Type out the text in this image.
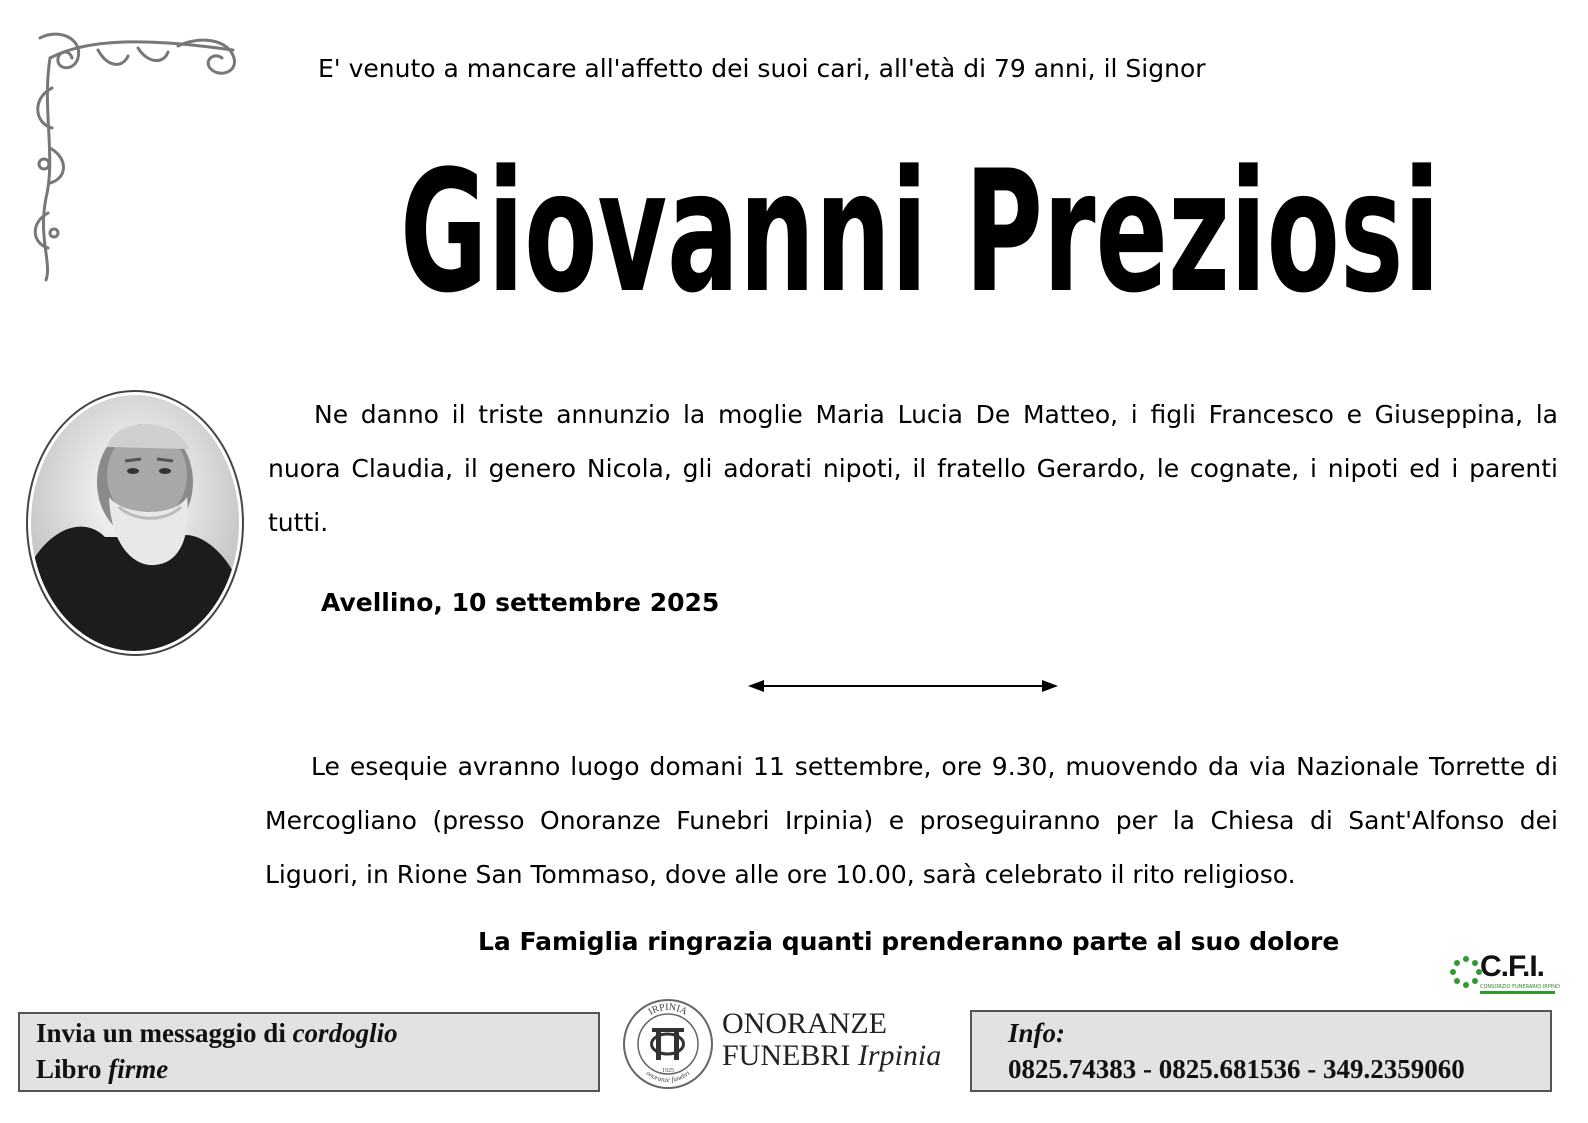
E' venuto a mancare all'affetto dei suoi cari, all'età di 79 anni, il Signor
Giovanni Preziosi
Ne danno il triste annunzio la moglie Maria Lucia De Matteo, i figli Francesco e Giuseppina, la nuora Claudia, il genero Nicola, gli adorati nipoti, il fratello Gerardo, le cognate, i nipoti ed i parenti tutti.
Avellino, 10 settembre 2025
Le esequie avranno luogo domani 11 settembre, ore 9.30, muovendo da via Nazionale Torrette di Mercogliano (presso Onoranze Funebri Irpinia) e proseguiranno per la Chiesa di Sant'Alfonso dei Liguori, in Rione San Tommaso, dove alle ore 10.00, sarà celebrato il rito religioso.
La Famiglia ringrazia quanti prenderanno parte al suo dolore
C.F.I.
CONSORZIO FUNERARIO IRPINO
Invia un messaggio di cordoglio
Libro firme
IRPINIA
onoranze funebri
1925
ONORANZE
FUNEBRI Irpinia
Info:
0825.74383 - 0825.681536 - 349.2359060
